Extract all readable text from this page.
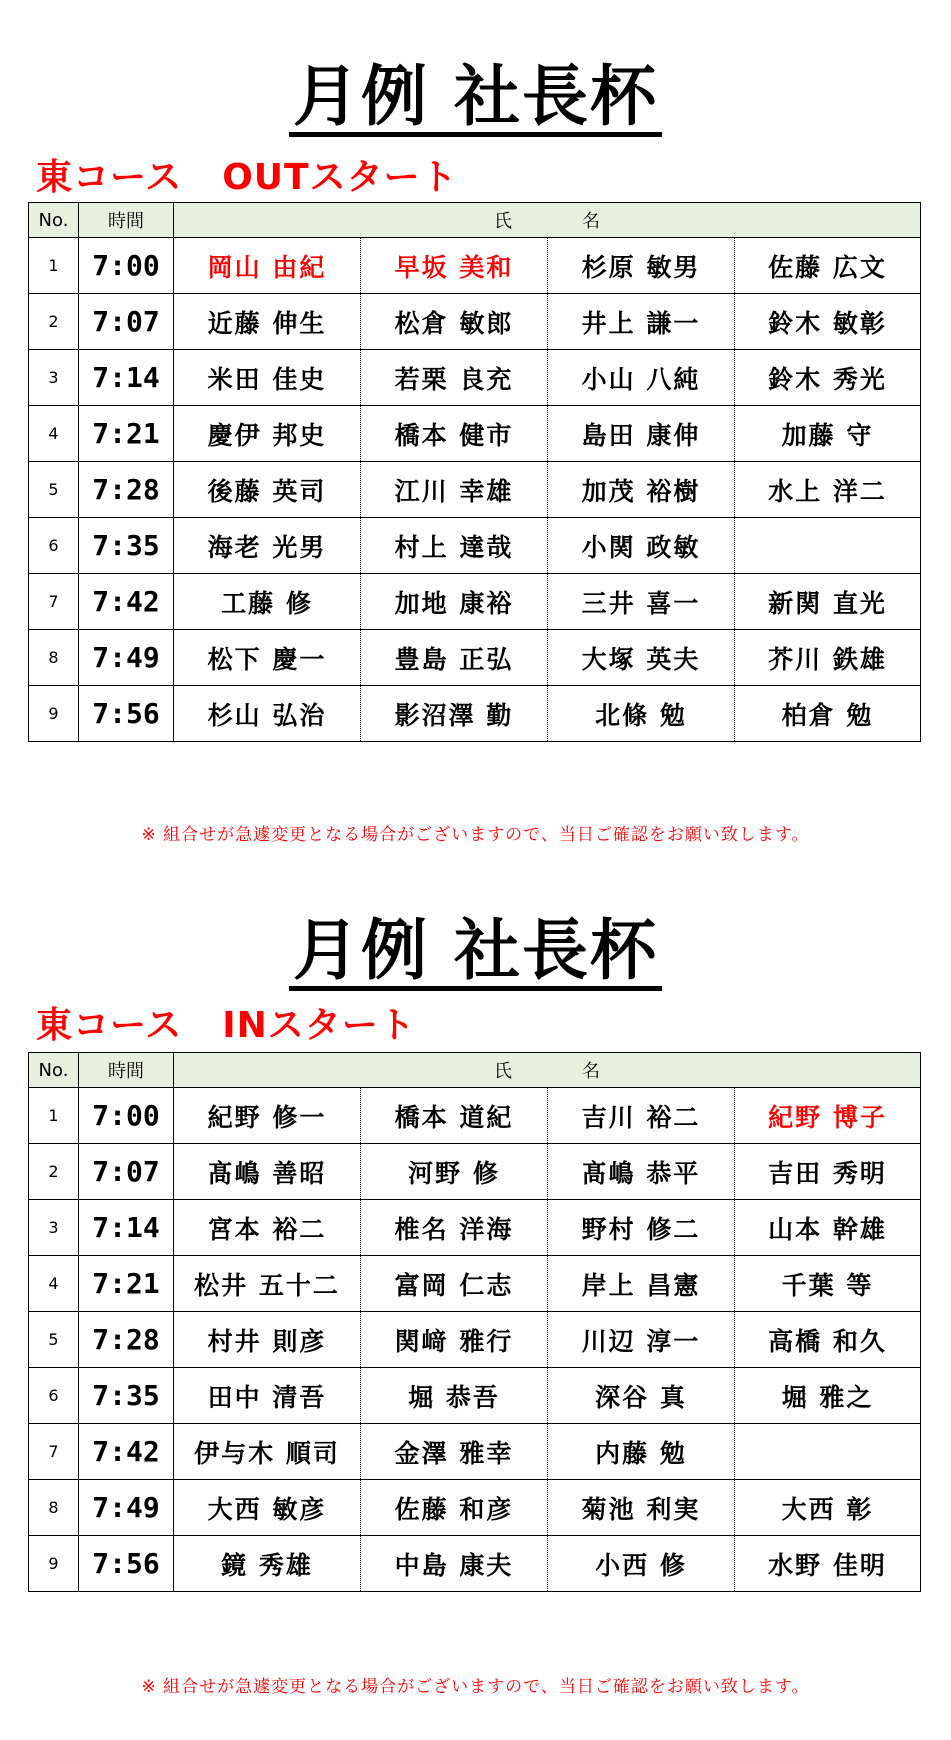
月例 社長杯
東コース OUTスタート
No.	時間	氏 名			
1	7:00	岡山 由紀	早坂 美和	杉原 敏男	佐藤 広文
2	7:07	近藤 伸生	松倉 敏郎	井上 謙一	鈴木 敏彰
3	7:14	米田 佳史	若栗 良充	小山 八純	鈴木 秀光
4	7:21	慶伊 邦史	橋本 健市	島田 康伸	加藤 守
5	7:28	後藤 英司	江川 幸雄	加茂 裕樹	水上 洋二
6	7:35	海老 光男	村上 達哉	小関 政敏	
7	7:42	工藤 修	加地 康裕	三井 喜一	新関 直光
8	7:49	松下 慶一	豊島 正弘	大塚 英夫	芥川 鉄雄
9	7:56	杉山 弘治	影沼澤 勤	北條 勉	柏倉 勉
※ 組合せが急遽変更となる場合がございますので、当日ご確認をお願い致します。
月例 社長杯
東コース INスタート
No.	時間	氏 名			
1	7:00	紀野 修一	橋本 道紀	吉川 裕二	紀野 博子
2	7:07	髙嶋 善昭	河野 修	髙嶋 恭平	吉田 秀明
3	7:14	宮本 裕二	椎名 洋海	野村 修二	山本 幹雄
4	7:21	松井 五十二	富岡 仁志	岸上 昌憲	千葉 等
5	7:28	村井 則彦	関﨑 雅行	川辺 淳一	高橋 和久
6	7:35	田中 清吾	堀 恭吾	深谷 真	堀 雅之
7	7:42	伊与木 順司	金澤 雅幸	内藤 勉	
8	7:49	大西 敏彦	佐藤 和彦	菊池 利実	大西 彰
9	7:56	鏡 秀雄	中島 康夫	小西 修	水野 佳明
※ 組合せが急遽変更となる場合がございますので、当日ご確認をお願い致します。
